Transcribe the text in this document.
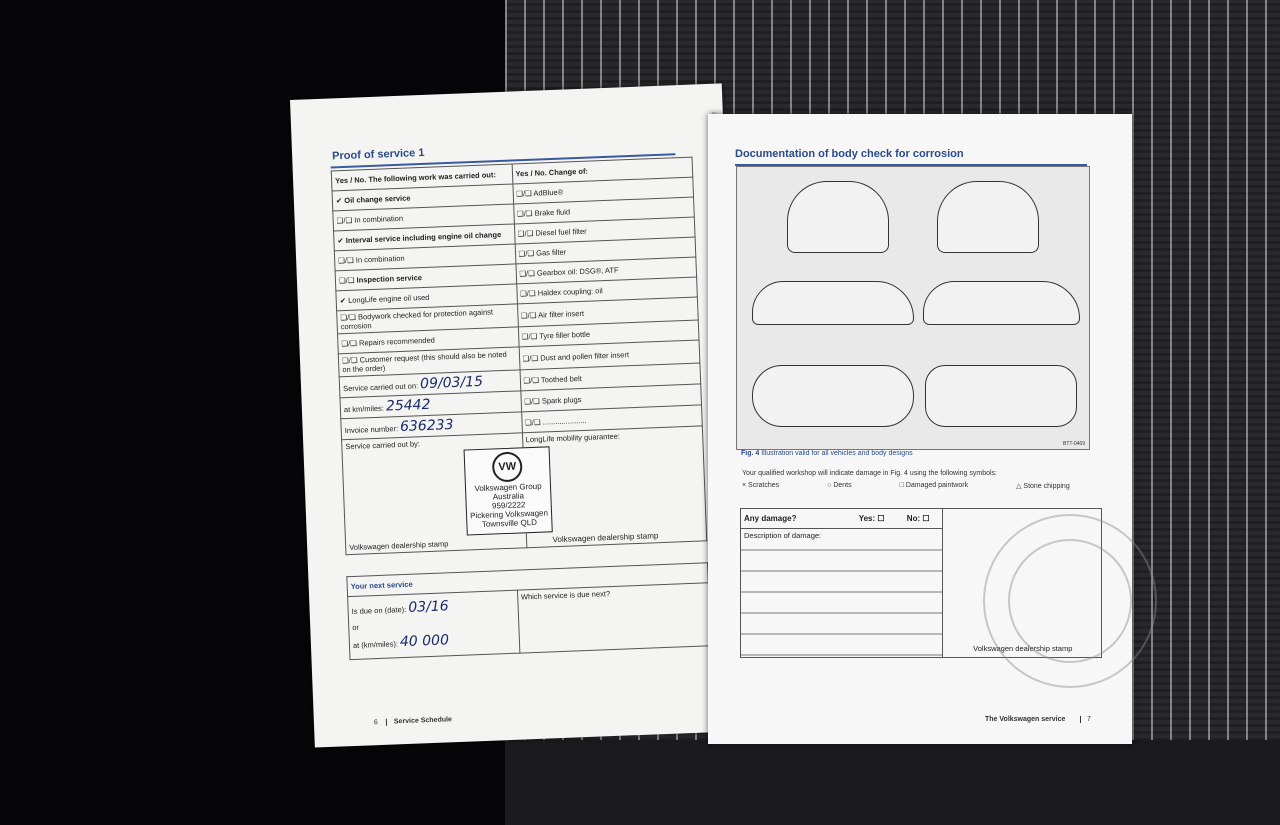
Proof of service 1
Yes / No. The following work was carried out:	Yes / No. Change of:
✔ Oil change service	❑/❑ AdBlue®
❑/❑ In combination	❑/❑ Brake fluid
✔ Interval service including engine oil change	❑/❑ Diesel fuel filter
❑/❑ In combination	❑/❑ Gas filter
❑/❑ Inspection service	❑/❑ Gearbox oil: DSG®, ATF
✔ LongLife engine oil used	❑/❑ Haldex coupling: oil
❑/❑ Bodywork checked for protection against corrosion	❑/❑ Air filter insert
❑/❑ Repairs recommended	❑/❑ Tyre filler bottle
❑/❑ Customer request (this should also be noted on the order)	❑/❑ Dust and pollen filter insert
Service carried out on: 09/03/15	❑/❑ Toothed belt
at km/miles: 25442	❑/❑ Spark plugs
Invoice number: 636233	❑/❑ .....................
Service carried out by:
Volkswagen dealership stamp	LongLife mobility guarantee:
Volkswagen dealership stamp
VW
Volkswagen Group
Australia
959/2222
Pickering Volkswagen
Townsville QLD
Your next service
Is due on (date): 03/16
or
at (km/miles): 40 000	Which service is due next?
6	Service Schedule
Documentation of body check for corrosion
Fig. 4 Illustration valid for all vehicles and body designs
Your qualified workshop will indicate damage in Fig. 4 using the following symbols:
× Scratches	○ Dents	□ Damaged paintwork	△ Stone chipping
Any damage?	Yes: ☐	No: ☐	
Volkswagen dealership stamp

Description of damage:
The Volkswagen service	7
BTT-0469
